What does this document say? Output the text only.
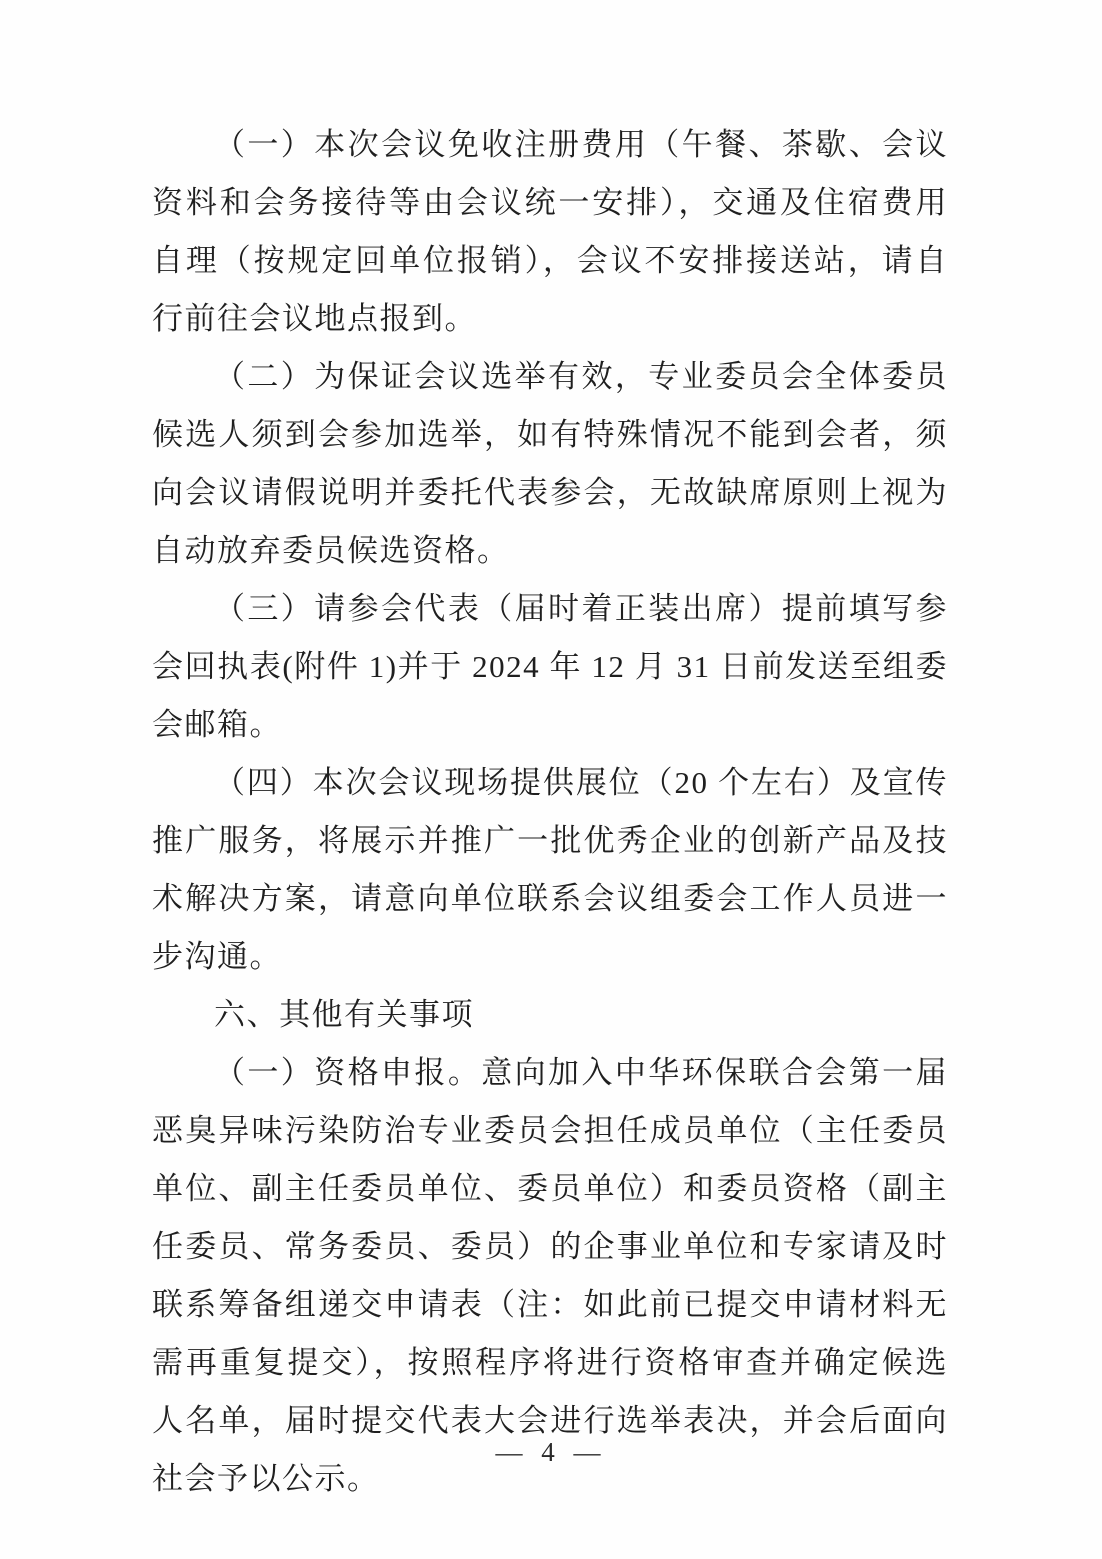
（一）本次会议免收注册费用（午餐、茶歇、会议资料和会务接待等由会议统一安排），交通及住宿费用自理（按规定回单位报销），会议不安排接送站，请自行前往会议地点报到。

（二）为保证会议选举有效，专业委员会全体委员候选人须到会参加选举，如有特殊情况不能到会者，须向会议请假说明并委托代表参会，无故缺席原则上视为自动放弃委员候选资格。

（三）请参会代表（届时着正装出席）提前填写参会回执表(附件 1)并于 2024 年 12 月 31 日前发送至组委会邮箱。

（四）本次会议现场提供展位（20 个左右）及宣传推广服务，将展示并推广一批优秀企业的创新产品及技术解决方案，请意向单位联系会议组委会工作人员进一步沟通。

六、其他有关事项

（一）资格申报。意向加入中华环保联合会第一届恶臭异味污染防治专业委员会担任成员单位（主任委员单位、副主任委员单位、委员单位）和委员资格（副主任委员、常务委员、委员）的企事业单位和专家请及时联系筹备组递交申请表（注：如此前已提交申请材料无需再重复提交），按照程序将进行资格审查并确定候选人名单，届时提交代表大会进行选举表决，并会后面向社会予以公示。

— 4 —
